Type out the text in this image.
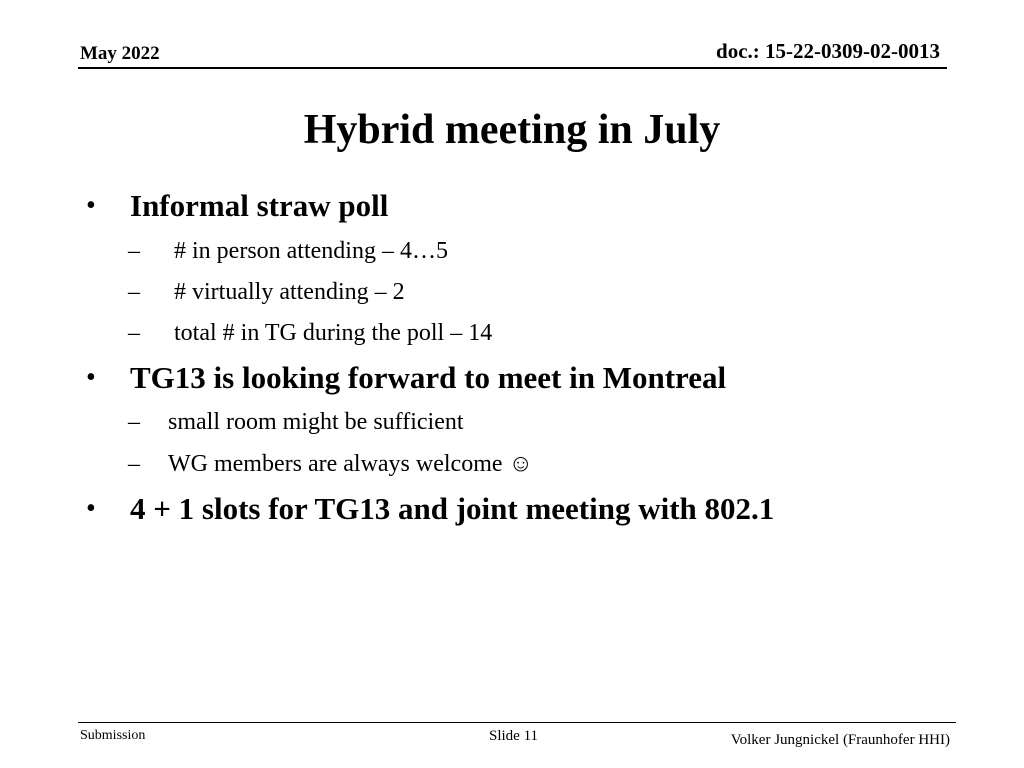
May 2022	doc.: 15-22-0309-02-0013
Hybrid meeting in July
• Informal straw poll
– # in person attending – 4…5
– # virtually attending – 2
– total # in TG during the poll – 14
• TG13 is looking forward to meet in Montreal
– small room might be sufficient
– WG members are always welcome ☺
• 4 + 1 slots for TG13 and joint meeting with 802.1
Submission	Slide 11	Volker Jungnickel (Fraunhofer HHI)
